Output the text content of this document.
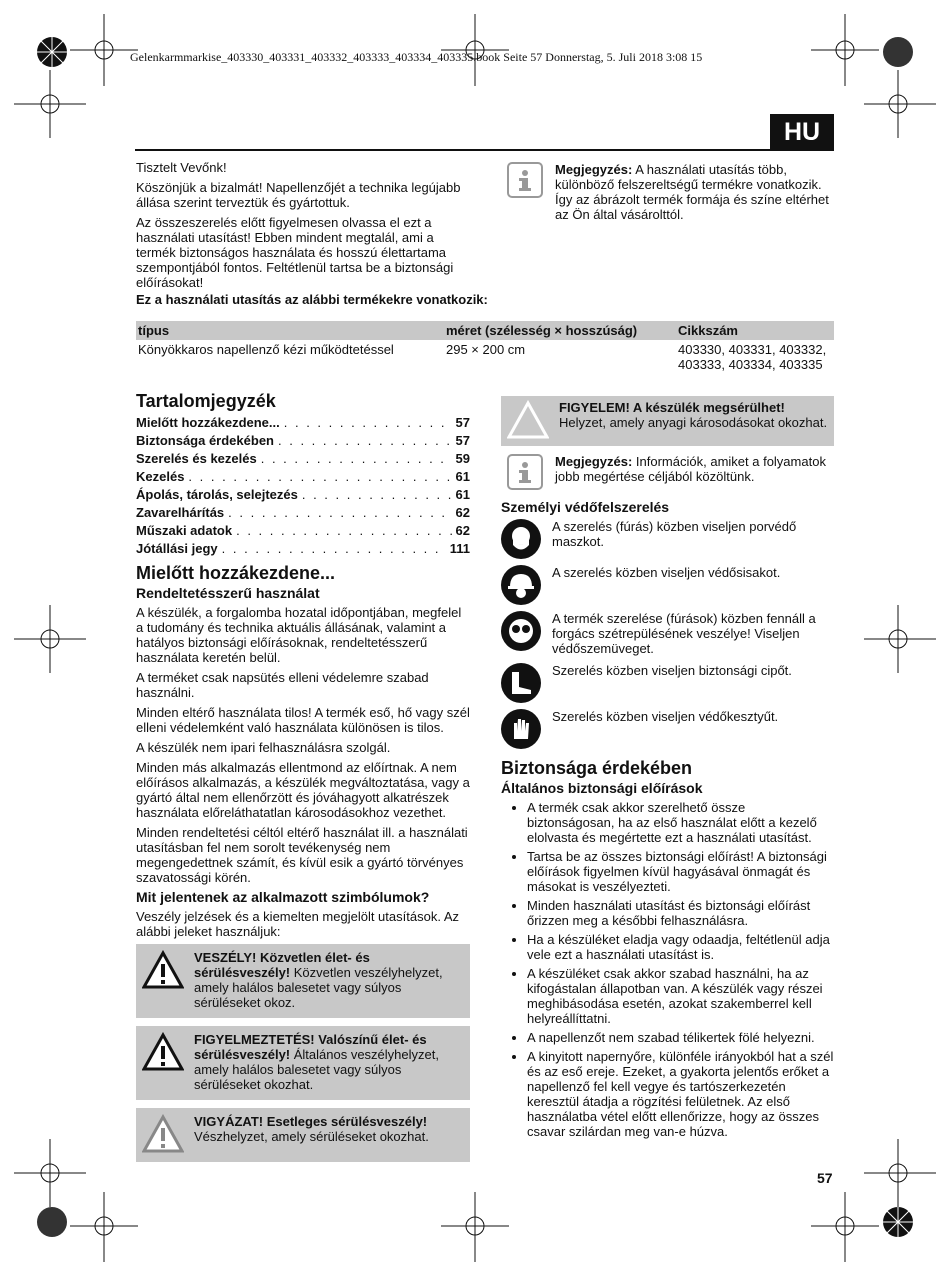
Gelenkarmmarkise_403330_403331_403332_403333_403334_403335.book Seite 57 Donnerstag, 5. Juli 2018 3:08 15
HU

Tisztelt Vevőnk!

Köszönjük a bizalmát! Napellenzőjét a technika legújabb állása szerint terveztük és gyártottuk.

Az összeszerelés előtt figyelmesen olvassa el ezt a használati utasítást! Ebben mindent megtalál, ami a termék biztonságos használata és hosszú élettartama szempontjából fontos. Feltétlenül tartsa be a biztonsági előírásokat!

Megjegyzés: A használati utasítás több, különböző felszereltségű termékre vonatkozik. Így az ábrázolt termék formája és színe eltérhet az Ön által vásárolttól.
Ez a használati utasítás az alábbi termékekre vonatkozik:
típus	méret (szélesség × hosszúság)	Cikkszám
Könyökkaros napellenző kézi működtetéssel	295 × 200 cm	403330, 403331, 403332, 403333, 403334, 403335
Tartalomjegyzék
Mielőtt hozzákezdene... . . .	57
Biztonsága érdekében . . .	57
Szerelés és kezelés . . .	59
Kezelés . . .	61
Ápolás, tárolás, selejtezés . . .	61
Zavarelhárítás . . .	62
Műszaki adatok . . .	62
Jótállási jegy . . .	111
Mielőtt hozzákezdene...
Rendeltetésszerű használat

A készülék, a forgalomba hozatal időpontjában, megfelel a tudomány és technika aktuális állásának, valamint a hatályos biztonsági előírásoknak, rendeltetésszerű használata keretén belül.

A terméket csak napsütés elleni védelemre szabad használni.

Minden eltérő használata tilos! A termék eső, hő vagy szél elleni védelemként való használata különösen is tilos.

A készülék nem ipari felhasználásra szolgál.

Minden más alkalmazás ellentmond az előírtnak. A nem előírásos alkalmazás, a készülék megváltoztatása, vagy a gyártó által nem ellenőrzött és jóváhagyott alkatrészek használata előreláthatatlan károsodásokhoz vezethet.

Minden rendeltetési céltól eltérő használat ill. a használati utasításban fel nem sorolt tevékenység nem megengedettnek számít, és kívül esik a gyártó törvényes szavatossági körén.

Mit jelentenek az alkalmazott szimbólumok?

Veszély jelzések és a kiemelten megjelölt utasítások. Az alábbi jeleket használjuk:

VESZÉLY! Közvetlen élet- és sérülésveszély! Közvetlen veszélyhelyzet, amely halálos balesetet vagy súlyos sérüléseket okoz.
FIGYELMEZTETÉS! Valószínű élet- és sérülésveszély! Általános veszélyhelyzet, amely halálos balesetet vagy súlyos sérüléseket okozhat.
VIGYÁZAT! Esetleges sérülésveszély! Vészhelyzet, amely sérüléseket okozhat.
FIGYELEM! A készülék megsérülhet! Helyzet, amely anyagi károsodásokat okozhat.
Megjegyzés: Információk, amiket a folyamatok jobb megértése céljából közöltünk.
Személyi védőfelszerelés
A szerelés (fúrás) közben viseljen porvédő maszkot.
A szerelés közben viseljen védősisakot.
A termék szerelése (fúrások) közben fennáll a forgács szétrepülésének veszélye! Viseljen védőszemüveget.
Szerelés közben viseljen biztonsági cipőt.
Szerelés közben viseljen védőkesztyűt.
Biztonsága érdekében
Általános biztonsági előírások
• A termék csak akkor szerelhető össze biztonságosan, ha az első használat előtt a kezelő elolvasta és megértette ezt a használati utasítást.
• Tartsa be az összes biztonsági előírást! A biztonsági előírások figyelmen kívül hagyásával önmagát és másokat is veszélyezteti.
• Minden használati utasítást és biztonsági előírást őrizzen meg a későbbi felhasználásra.
• Ha a készüléket eladja vagy odaadja, feltétlenül adja vele ezt a használati utasítást is.
• A készüléket csak akkor szabad használni, ha az kifogástalan állapotban van. A készülék vagy részei meghibásodása esetén, azokat szakemberrel kell helyreállíttatni.
• A napellenzőt nem szabad télikertek fölé helyezni.
• A kinyitott napernyőre, különféle irányokból hat a szél és az eső ereje. Ezeket, a gyakorta jelentős erőket a napellenző fel kell vegye és tartószerkezetén keresztül átadja a rögzítési felületnek. Az első használatba vétel előtt ellenőrizze, hogy az összes csavar szilárdan meg van-e húzva.
57
